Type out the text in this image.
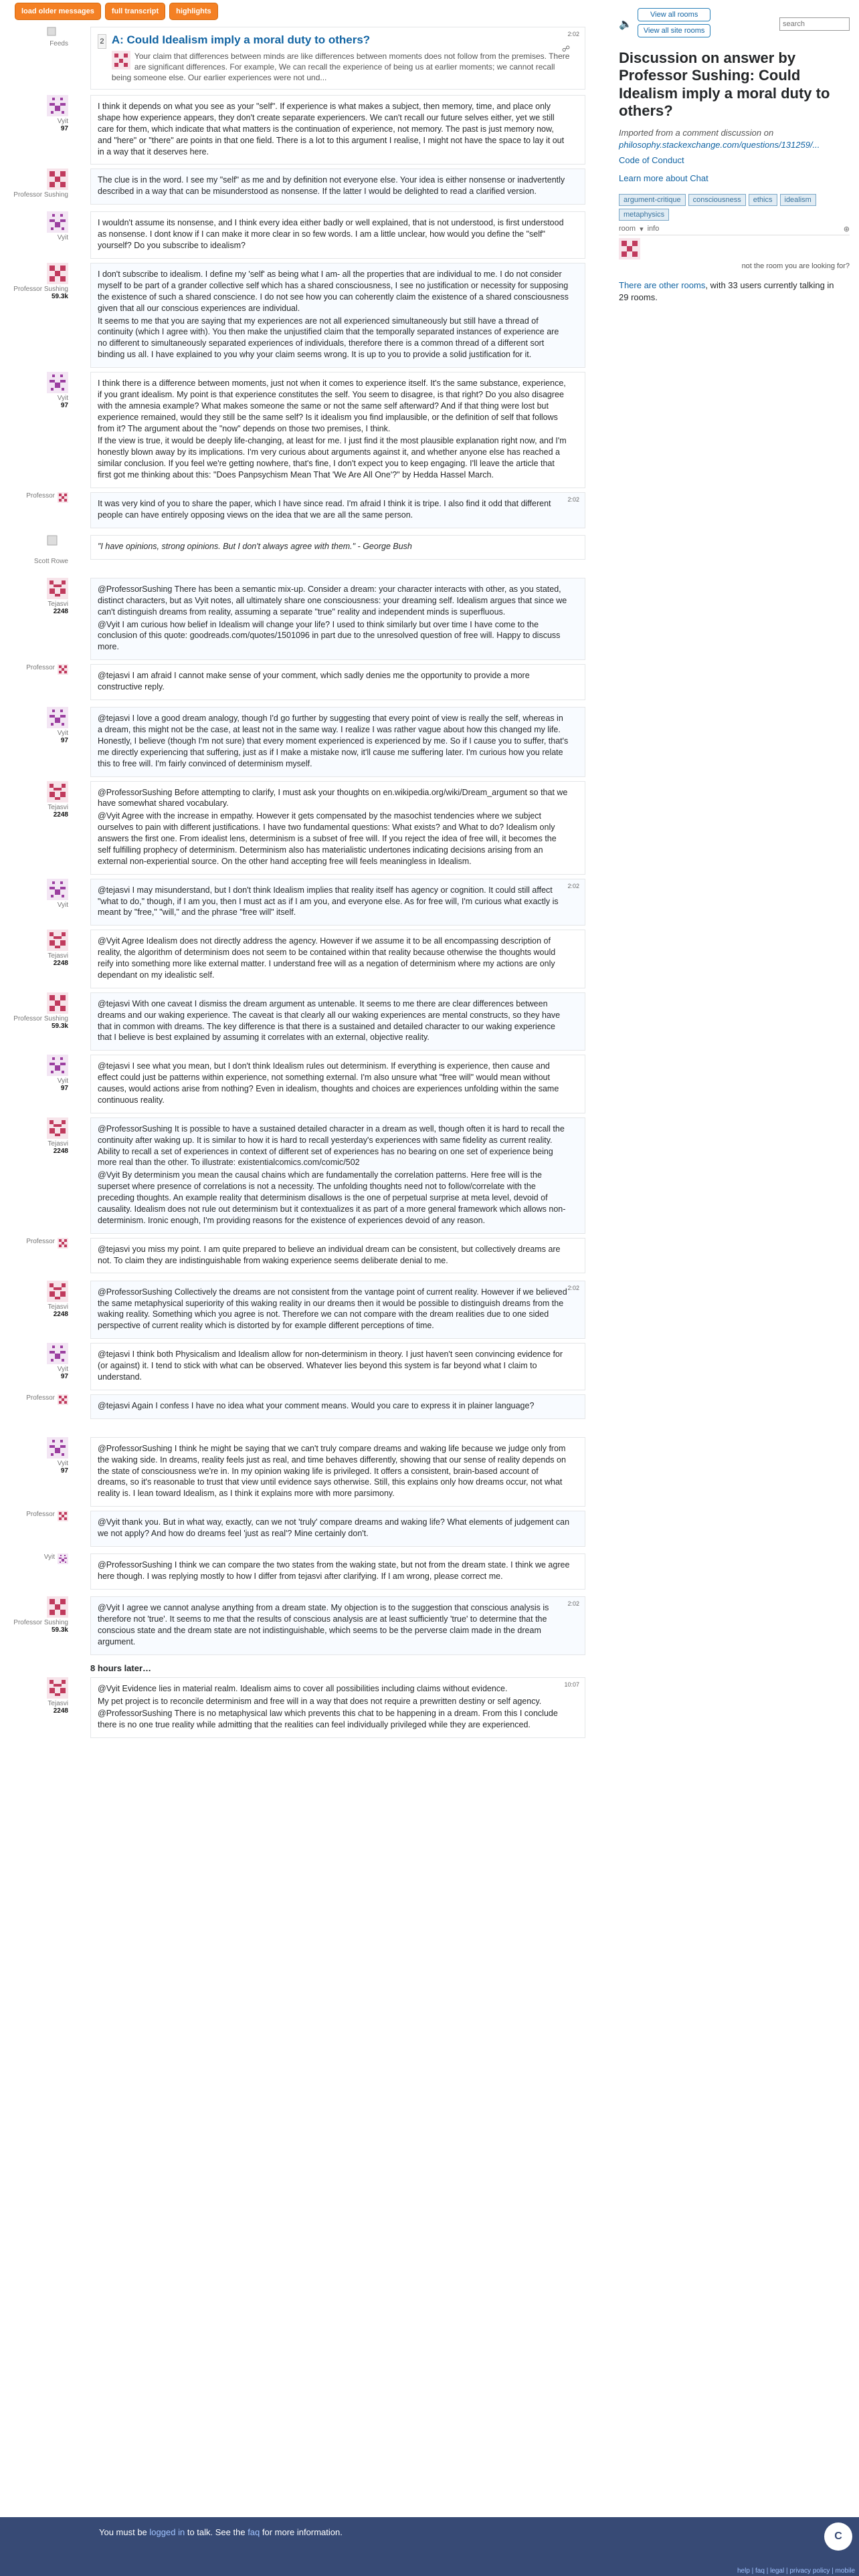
load older messages	full transcript	highlights
Feeds
2:02
2 A: Could Idealism imply a moral duty to others?
Your claim that differences between minds are like differences between moments does not follow from the premises. There are significant differences. For example, We can recall the experience of being us at earlier moments; we cannot recall being someone else. Our earlier experiences were not und...
☍
Vyit
97
I think it depends on what you see as your "self". If experience is what makes a subject, then memory, time, and place only shape how experience appears, they don't create separate experiencers. We can't recall our future selves either, yet we still care for them, which indicate that what matters is the continuation of experience, not memory. The past is just memory now, and "here" or "there" are points in that one field. There is a lot to this argument I realise, I might not have the space to lay it out in a way that it deserves here.
Professor Sushing
The clue is in the word. I see my "self" as me and by definition not everyone else. Your idea is either nonsense or inadvertently described in a way that can be misunderstood as nonsense. If the latter I would be delighted to read a clarified version.
Vyit
I wouldn't assume its nonsense, and I think every idea either badly or well explained, that is not understood, is first understood as nonsense. I dont know if I can make it more clear in so few words. I am a little unclear, how would you define the "self" yourself? Do you subscribe to idealism?
Professor Sushing
59.3k
I don't subscribe to idealism. I define my 'self' as being what I am- all the properties that are individual to me. I do not consider myself to be part of a grander collective self which has a shared consciousness, I see no justification or necessity for supposing the existence of such a shared conscience. I do not see how you can coherently claim the existence of a shared consciousness given that all our conscious experiences are individual.
It seems to me that you are saying that my experiences are not all experienced simultaneously but still have a thread of continuity (which I agree with). You then make the unjustified claim that the temporally separated instances of experience are no different to simultaneously separated experiences of individuals, therefore there is a common thread of a different sort binding us all. I have explained to you why your claim seems wrong. It is up to you to provide a solid justification for it.
Vyit
97
I think there is a difference between moments, just not when it comes to experience itself. It's the same substance, experience, if you grant idealism. My point is that experience constitutes the self. You seem to disagree, is that right? Do you also disagree with the amnesia example? What makes someone the same or not the same self afterward? And if that thing were lost but experience remained, would they still be the same self? Is it idealism you find implausible, or the definition of self that follows from it? The argument about the "now" depends on those two premises, I think.
If the view is true, it would be deeply life-changing, at least for me. I just find it the most plausible explanation right now, and I'm honestly blown away by its implications. I'm very curious about arguments against it, and whether anyone else has reached a similar conclusion. If you feel we're getting nowhere, that's fine, I don't expect you to keep engaging. I'll leave the article that first got me thinking about this: "Does Panpsychism Mean That 'We Are All One'?" by Hedda Hassel March.
Professor	2:02
It was very kind of you to share the paper, which I have since read. I'm afraid I think it is tripe. I also find it odd that different people can have entirely opposing views on the idea that we are all the same person.
Scott Rowe
"I have opinions, strong opinions. But I don't always agree with them." - George Bush
Tejasvi
2248
@ProfessorSushing There has been a semantic mix-up. Consider a dream: your character interacts with other, as you stated, distinct characters, but as Vyit notes, all ultimately share one consciousness: your dreaming self. Idealism argues that since we can't distinguish dreams from reality, assuming a separate "true" reality and independent minds is superfluous.
@Vyit I am curious how belief in Idealism will change your life? I used to think similarly but over time I have come to the conclusion of this quote: goodreads.com/quotes/1501096 in part due to the unresolved question of free will. Happy to discuss more.
Professor
@tejasvi I am afraid I cannot make sense of your comment, which sadly denies me the opportunity to provide a more constructive reply.
Vyit
97
@tejasvi I love a good dream analogy, though I'd go further by suggesting that every point of view is really the self, whereas in a dream, this might not be the case, at least not in the same way. I realize I was rather vague about how this changed my life. Honestly, I believe (though I'm not sure) that every moment experienced is experienced by me. So if I cause you to suffer, that's me directly experiencing that suffering, just as if I make a mistake now, it'll cause me suffering later. I'm curious how you relate this to free will. I'm fairly convinced of determinism myself.
Tejasvi
2248
@ProfessorSushing Before attempting to clarify, I must ask your thoughts on en.wikipedia.org/wiki/Dream_argument so that we have somewhat shared vocabulary.
@Vyit Agree with the increase in empathy. However it gets compensated by the masochist tendencies where we subject ourselves to pain with different justifications. I have two fundamental questions: What exists? and What to do? Idealism only answers the first one. From idealist lens, determinism is a subset of free will. If you reject the idea of free will, it becomes the self fulfilling prophecy of determinism. Determinism also has materialistic undertones indicating decisions arising from an external non-experiential source. On the other hand accepting free will feels meaningless in Idealism.
Vyit
2:02
@tejasvi I may misunderstand, but I don't think Idealism implies that reality itself has agency or cognition. It could still affect "what to do," though, if I am you, then I must act as if I am you, and everyone else. As for free will, I'm curious what exactly is meant by "free," "will," and the phrase "free will" itself.
Tejasvi
2248
@Vyit Agree Idealism does not directly address the agency. However if we assume it to be all encompassing description of reality, the algorithm of determinism does not seem to be contained within that reality because otherwise the thoughts would reify into something more like external matter. I understand free will as a negation of determinism where my actions are only dependant on my idealistic self.
Professor Sushing
59.3k
@tejasvi With one caveat I dismiss the dream argument as untenable. It seems to me there are clear differences between dreams and our waking experience. The caveat is that clearly all our waking experiences are mental constructs, so they have that in common with dreams. The key difference is that there is a sustained and detailed character to our waking experience that I believe is best explained by assuming it correlates with an external, objective reality.
Vyit
97
@tejasvi I see what you mean, but I don't think Idealism rules out determinism. If everything is experience, then cause and effect could just be patterns within experience, not something external. I'm also unsure what "free will" would mean without causes, would actions arise from nothing? Even in idealism, thoughts and choices are experiences unfolding within the same continuous reality.
Tejasvi
2248
@ProfessorSushing It is possible to have a sustained detailed character in a dream as well, though often it is hard to recall the continuity after waking up. It is similar to how it is hard to recall yesterday's experiences with same fidelity as current reality. Ability to recall a set of experiences in context of different set of experiences has no bearing on one set of experience being more real than the other. To illustrate: existentialcomics.com/comic/502
@Vyit By determinism you mean the causal chains which are fundamentally the correlation patterns. Here free will is the superset where presence of correlations is not a necessity. The unfolding thoughts need not to follow/correlate with the preceding thoughts. An example reality that determinism disallows is the one of perpetual surprise at meta level, devoid of causality. Idealism does not rule out determinism but it contextualizes it as part of a more general framework which allows non-determinism. Ironic enough, I'm providing reasons for the existence of experiences devoid of any reason.
Professor
@tejasvi you miss my point. I am quite prepared to believe an individual dream can be consistent, but collectively dreams are not. To claim they are indistinguishable from waking experience seems deliberate denial to me.
Tejasvi
2248
2:02
@ProfessorSushing Collectively the dreams are not consistent from the vantage point of current reality. However if we believed the same metaphysical superiority of this waking reality in our dreams then it would be possible to distinguish dreams from the waking reality. Something which you agree is not. Therefore we can not compare with the dream realities due to one sided perspective of current reality which is distorted by for example different perceptions of time.
Vyit
97
@tejasvi I think both Physicalism and Idealism allow for non-determinism in theory. I just haven't seen convincing evidence for (or against) it. I tend to stick with what can be observed. Whatever lies beyond this system is far beyond what I claim to understand.
Professor
@tejasvi Again I confess I have no idea what your comment means. Would you care to express it in plainer language?
Vyit
97
@ProfessorSushing I think he might be saying that we can't truly compare dreams and waking life because we judge only from the waking side. In dreams, reality feels just as real, and time behaves differently, showing that our sense of reality depends on the state of consciousness we're in. In my opinion waking life is privileged. It offers a consistent, brain-based account of dreams, so it's reasonable to trust that view until evidence says otherwise. Still, this explains only how dreams occur, not what reality is. I lean toward Idealism, as I think it explains more with more parsimony.
Professor
@Vyit thank you. But in what way, exactly, can we not 'truly' compare dreams and waking life? What elements of judgement can we not apply? And how do dreams feel 'just as real'? Mine certainly don't.
Vyit
@ProfessorSushing I think we can compare the two states from the waking state, but not from the dream state. I think we agree here though. I was replying mostly to how I differ from tejasvi after clarifying. If I am wrong, please correct me.
Professor Sushing
59.3k
2:02
@Vyit I agree we cannot analyse anything from a dream state. My objection is to the suggestion that conscious analysis is therefore not 'true'. It seems to me that the results of conscious analysis are at least sufficiently 'true' to determine that the conscious state and the dream state are not indistinguishable, which seems to be the perverse claim made in the dream argument.
8 hours later…
Tejasvi
2248
10:07
@Vyit Evidence lies in material realm. Idealism aims to cover all possibilities including claims without evidence.
My pet project is to reconcile determinism and free will in a way that does not require a prewritten destiny or self agency.
@ProfessorSushing There is no metaphysical law which prevents this chat to be happening in a dream. From this I conclude there is no one true reality while admitting that the realities can feel individually privileged while they are experienced.
🔈
View all rooms
View all site rooms
search
Discussion on answer by Professor Sushing: Could Idealism imply a moral duty to others?
Imported from a comment discussion on philosophy.stackexchange.com/questions/131259/...
Code of Conduct
Learn more about Chat
argument-critique	consciousness	ethics	idealism
metaphysics
room ▾ info	⊛
not the room you are looking for?
There are other rooms, with 33 users currently talking in 29 rooms.
You must be logged in to talk. See the faq for more information.	C
help | faq | legal | privacy policy | mobile
